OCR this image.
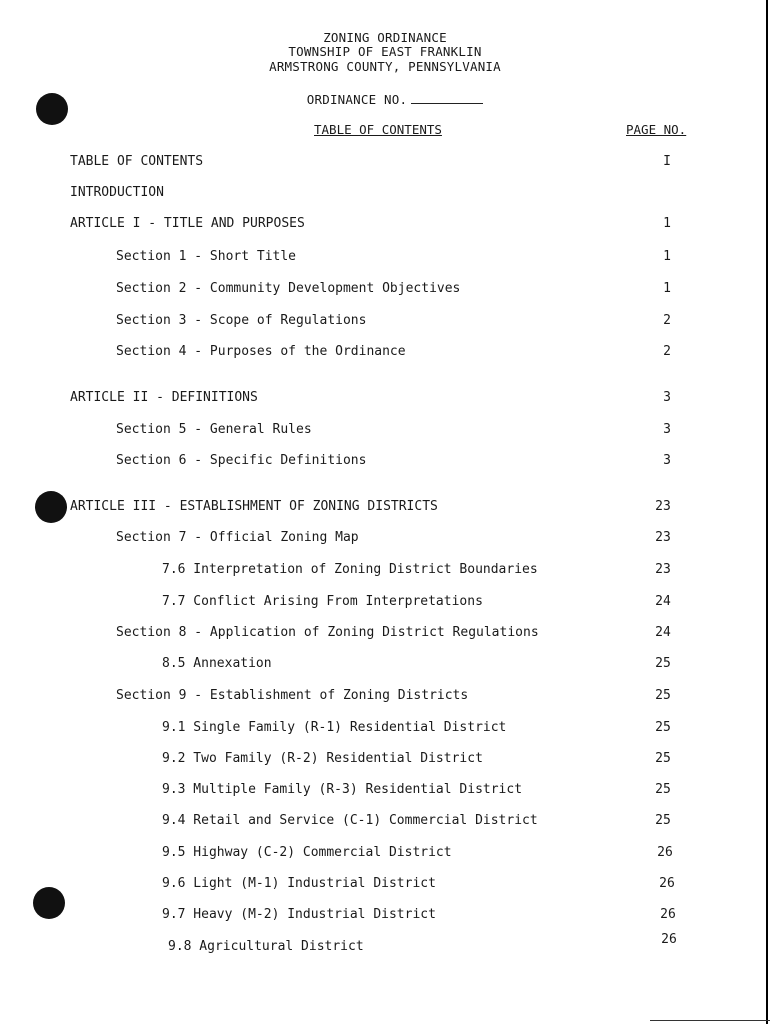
ZONING ORDINANCE
TOWNSHIP OF EAST FRANKLIN
ARMSTRONG COUNTY, PENNSYLVANIA
ORDINANCE NO.
TABLE OF CONTENTS	PAGE NO.
TABLE OF CONTENTS	I
INTRODUCTION
ARTICLE I - TITLE AND PURPOSES	1
Section 1 - Short Title	1
Section 2 - Community Development Objectives	1
Section 3 - Scope of Regulations	2
Section 4 - Purposes of the Ordinance	2
ARTICLE II - DEFINITIONS	3
Section 5 - General Rules	3
Section 6 - Specific Definitions	3
ARTICLE III - ESTABLISHMENT OF ZONING DISTRICTS	23
Section 7 - Official Zoning Map	23
7.6 Interpretation of Zoning District Boundaries	23
7.7 Conflict Arising From Interpretations	24
Section 8 - Application of Zoning District Regulations	24
8.5 Annexation	25
Section 9 - Establishment of Zoning Districts	25
9.1 Single Family (R-1) Residential District	25
9.2 Two Family (R-2) Residential District	25
9.3 Multiple Family (R-3) Residential District	25
9.4 Retail and Service (C-1) Commercial District	25
9.5 Highway (C-2) Commercial District	26
9.6 Light (M-1) Industrial District	26
9.7 Heavy (M-2) Industrial District	26
9.8 Agricultural District	26
